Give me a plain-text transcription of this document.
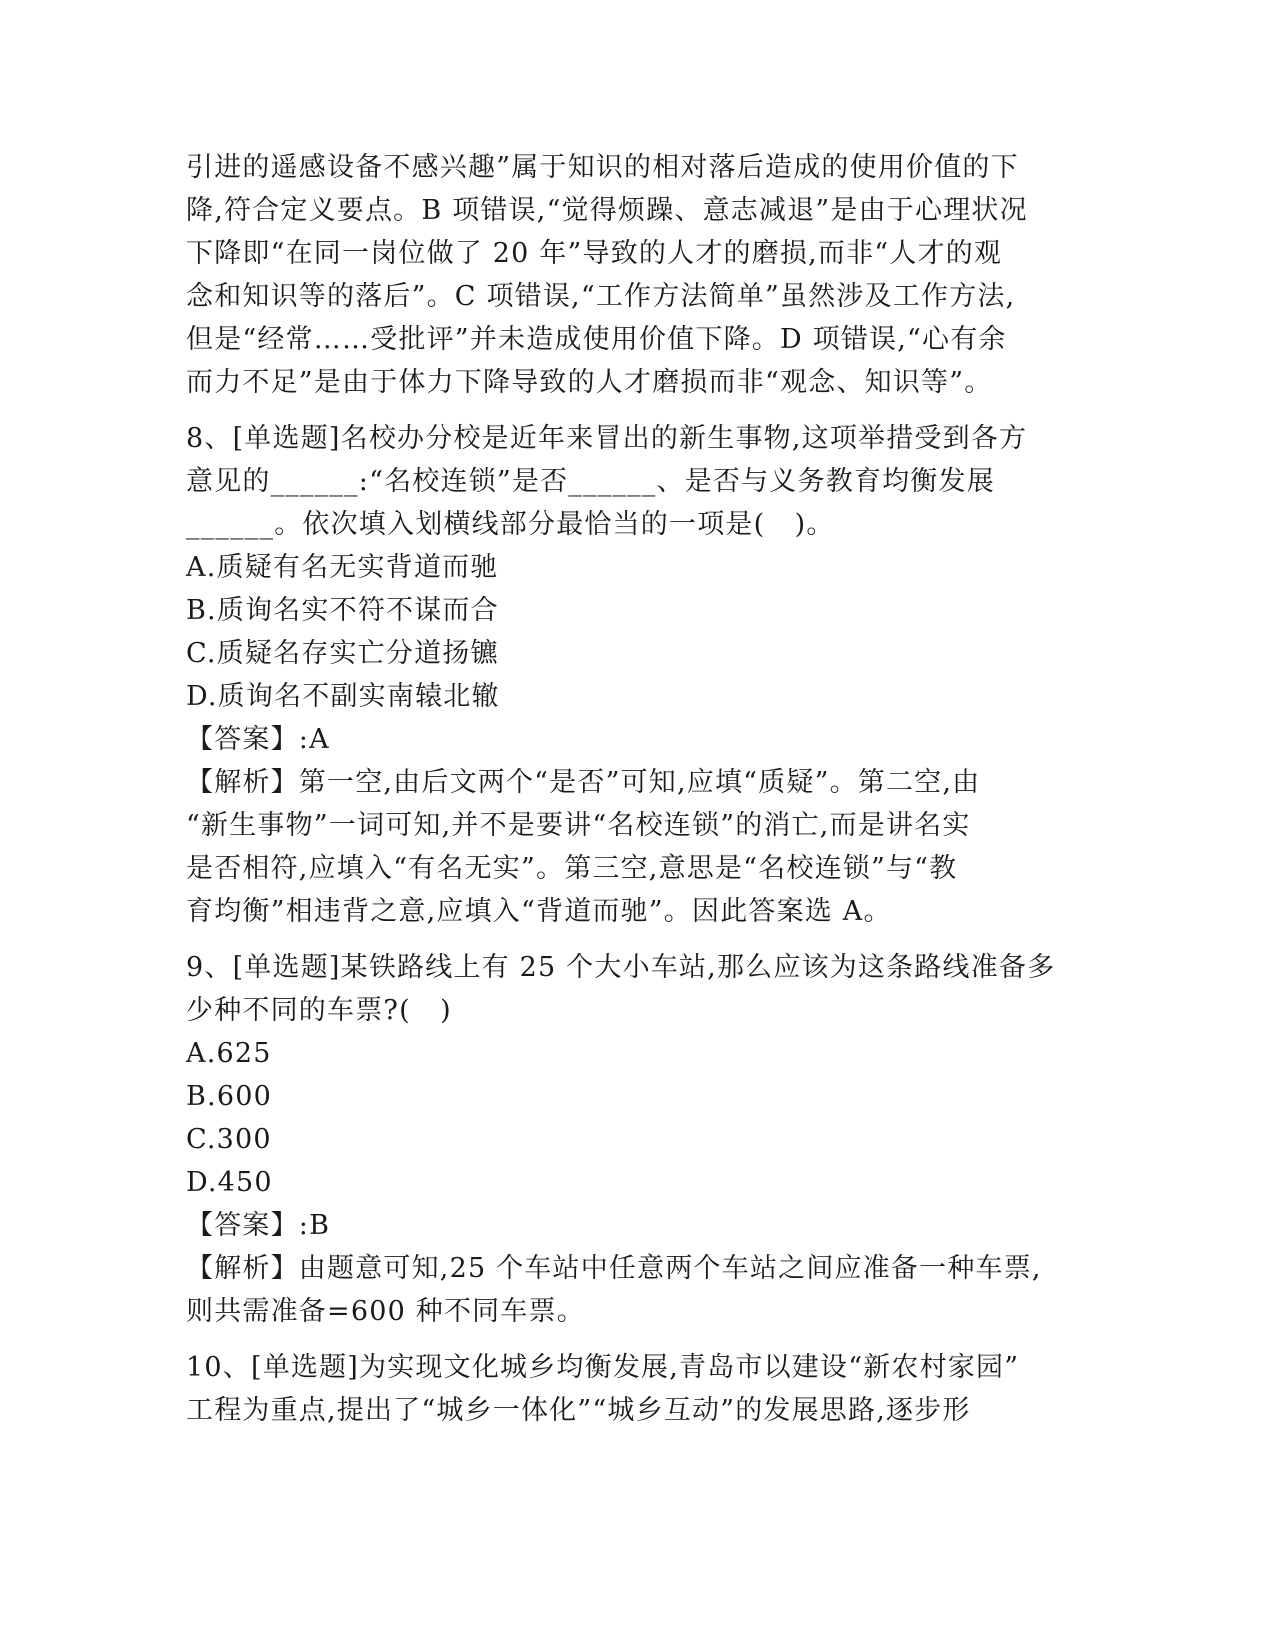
引进的遥感设备不感兴趣”属于知识的相对落后造成的使用价值的下
降,符合定义要点。B 项错误,“觉得烦躁、意志减退”是由于心理状况
下降即“在同一岗位做了 20 年”导致的人才的磨损,而非“人才的观
念和知识等的落后”。C 项错误,“工作方法简单”虽然涉及工作方法,
但是“经常……受批评”并未造成使用价值下降。D 项错误,“心有余
而力不足”是由于体力下降导致的人才磨损而非“观念、知识等”。
8、[单选题]名校办分校是近年来冒出的新生事物,这项举措受到各方
意见的______:“名校连锁”是否______、是否与义务教育均衡发展
______。依次填入划横线部分最恰当的一项是(   )。
A.质疑有名无实背道而驰
B.质询名实不符不谋而合
C.质疑名存实亡分道扬镳
D.质询名不副实南辕北辙
【答案】:A
【解析】第一空,由后文两个“是否”可知,应填“质疑”。第二空,由
“新生事物”一词可知,并不是要讲“名校连锁”的消亡,而是讲名实
是否相符,应填入“有名无实”。第三空,意思是“名校连锁”与“教
育均衡”相违背之意,应填入“背道而驰”。因此答案选 A。
9、[单选题]某铁路线上有 25 个大小车站,那么应该为这条路线准备多
少种不同的车票?(   )
A.625
B.600
C.300
D.450
【答案】:B
【解析】由题意可知,25 个车站中任意两个车站之间应准备一种车票,
则共需准备=600 种不同车票。
10、[单选题]为实现文化城乡均衡发展,青岛市以建设“新农村家园”
工程为重点,提出了“城乡一体化”“城乡互动”的发展思路,逐步形
